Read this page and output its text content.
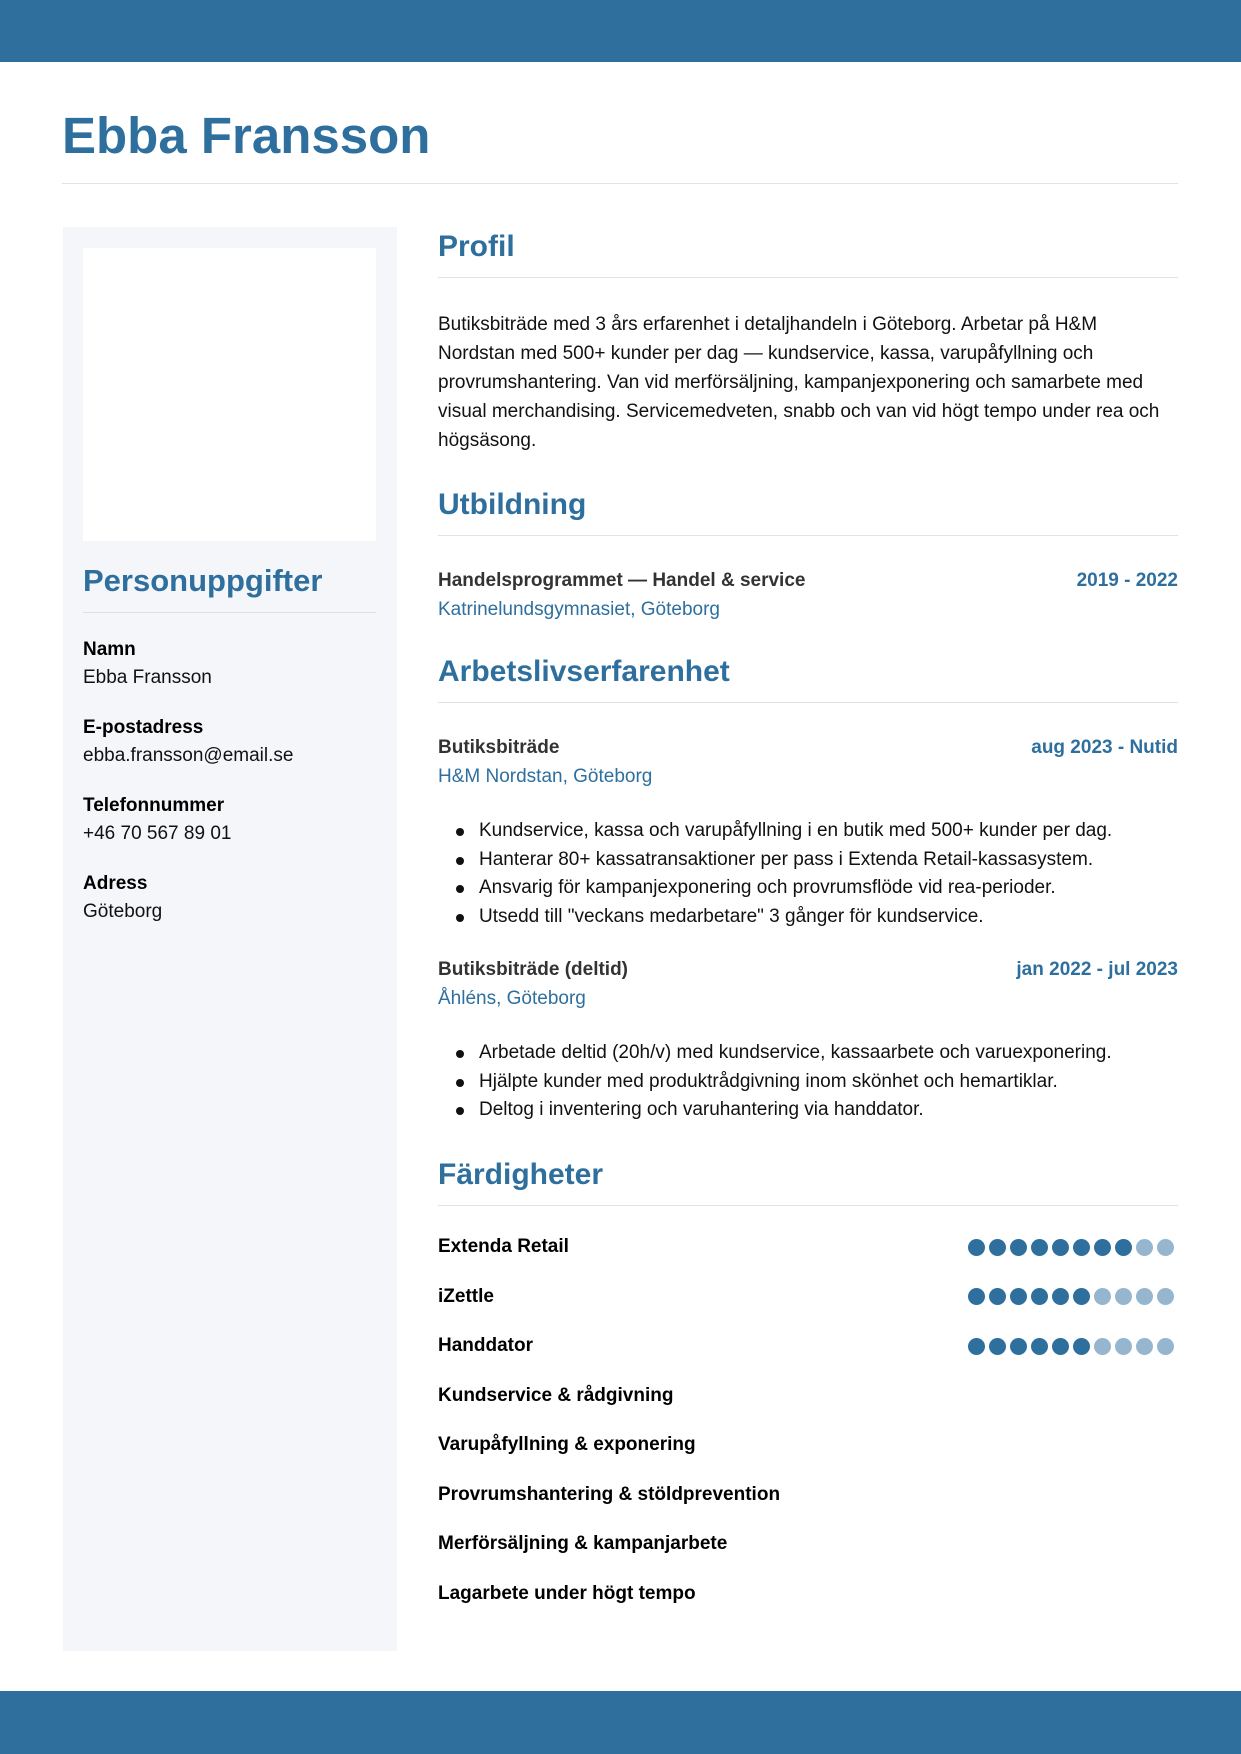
Ebba Fransson
Personuppgifter
Namn
Ebba Fransson
E-postadress
ebba.fransson@email.se
Telefonnummer
+46 70 567 89 01
Adress
Göteborg
Profil

Butiksbiträde med 3 års erfarenhet i detaljhandeln i Göteborg. Arbetar på H&M Nordstan med 500+ kunder per dag — kundservice, kassa, varupåfyllning och provrumshantering. Van vid merförsäljning, kampanjexponering och samarbete med visual merchandising. Servicemedveten, snabb och van vid högt tempo under rea och högsäsong.

Utbildning
Handelsprogrammet — Handel & service	2019 - 2022
Katrinelundsgymnasiet, Göteborg
Arbetslivserfarenhet
Butiksbiträde	aug 2023 - Nutid
H&M Nordstan, Göteborg
Kundservice, kassa och varupåfyllning i en butik med 500+ kunder per dag.
Hanterar 80+ kassatransaktioner per pass i Extenda Retail-kassasystem.
Ansvarig för kampanjexponering och provrumsflöde vid rea-perioder.
Utsedd till "veckans medarbetare" 3 gånger för kundservice.
Butiksbiträde (deltid)	jan 2022 - jul 2023
Åhléns, Göteborg
Arbetade deltid (20h/v) med kundservice, kassaarbete och varuexponering.
Hjälpte kunder med produktrådgivning inom skönhet och hemartiklar.
Deltog i inventering och varuhantering via handdator.
Färdigheter
Extenda Retail
iZettle
Handdator
Kundservice & rådgivning
Varupåfyllning & exponering
Provrumshantering & stöldprevention
Merförsäljning & kampanjarbete
Lagarbete under högt tempo
